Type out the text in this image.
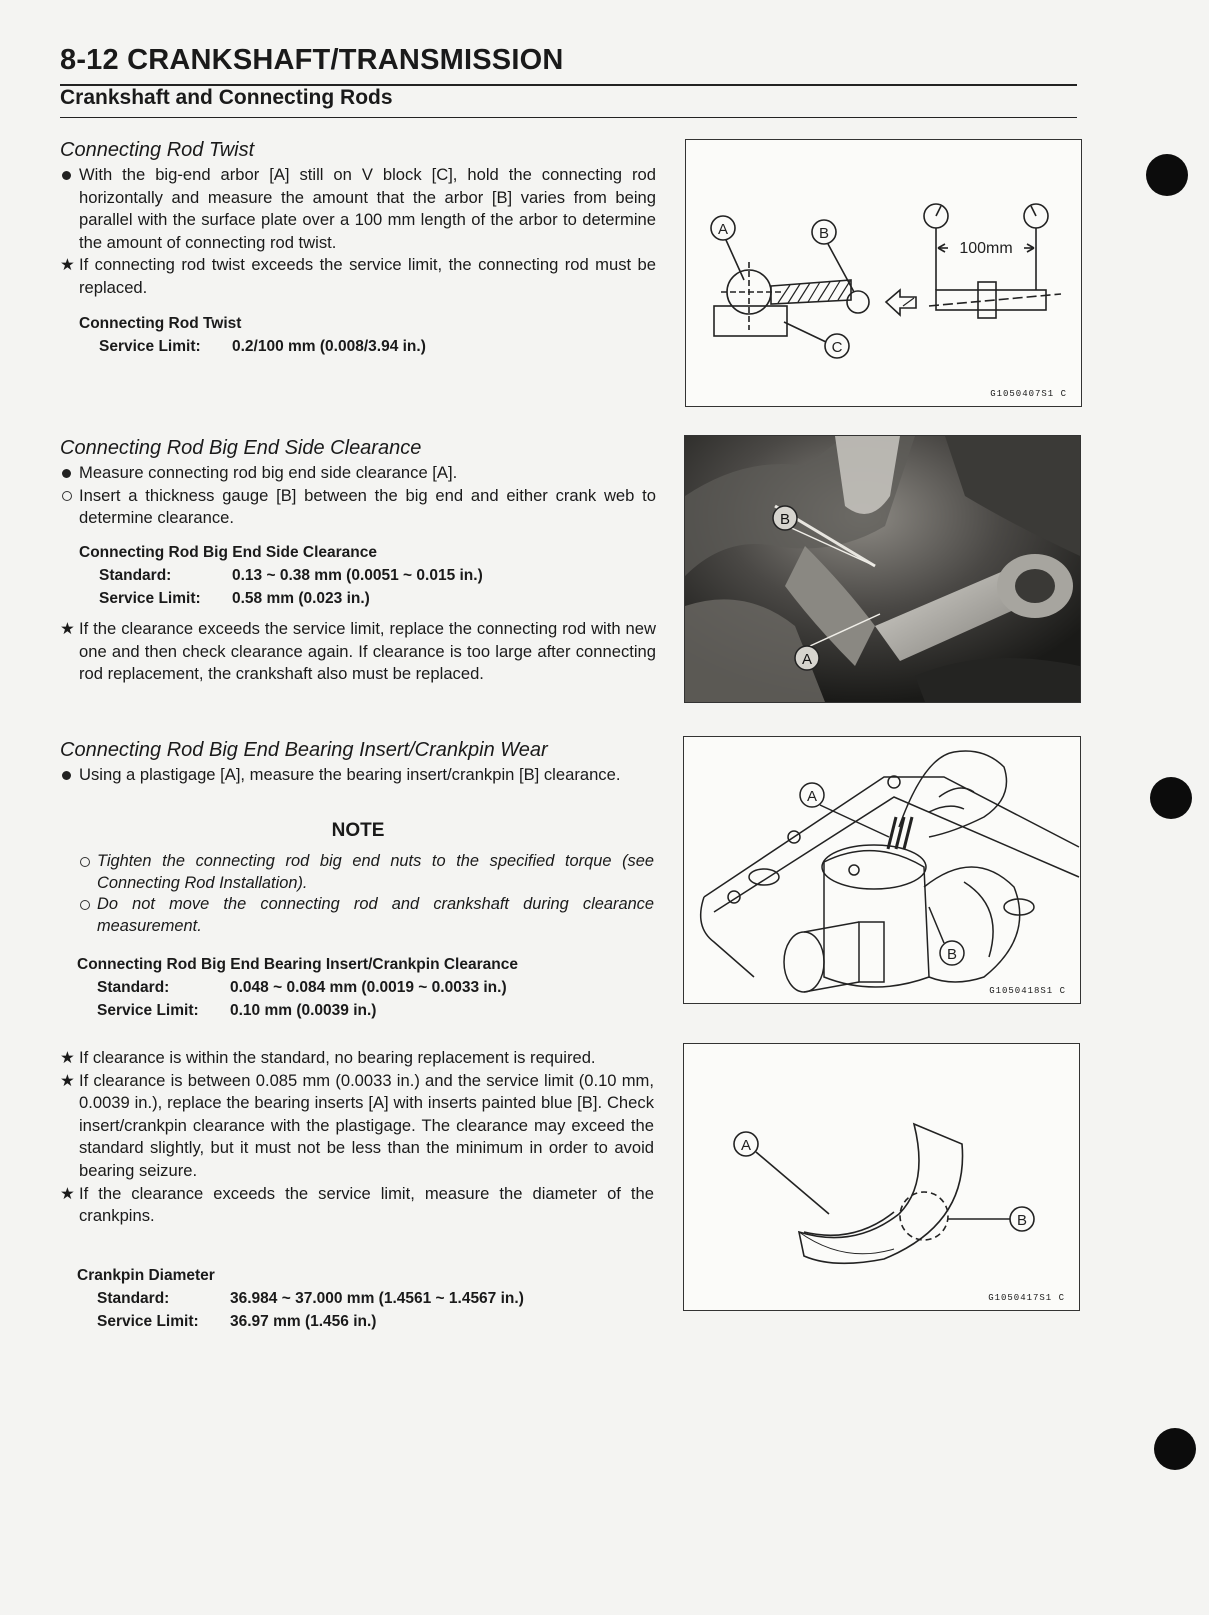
8-12 CRANKSHAFT/TRANSMISSION
Crankshaft and Connecting Rods
Connecting Rod Twist
With the big-end arbor [A] still on V block [C], hold the connecting rod horizontally and measure the amount that the arbor [B] varies from being parallel with the surface plate over a 100 mm length of the arbor to determine the amount of connecting rod twist.
★ If connecting rod twist exceeds the service limit, the connecting rod must be replaced.
Connecting Rod Twist
Service Limit: 0.2/100 mm (0.008/3.94 in.)
Connecting Rod Big End Side Clearance
Measure connecting rod big end side clearance [A].
Insert a thickness gauge [B] between the big end and either crank web to determine clearance.
Connecting Rod Big End Side Clearance
Standard:	0.13 ~ 0.38 mm (0.0051 ~ 0.015 in.)
Service Limit: 0.58 mm (0.023 in.)
★ If the clearance exceeds the service limit, replace the connecting rod with new one and then check clearance again. If clearance is too large after connecting rod replacement, the crankshaft also must be replaced.
Connecting Rod Big End Bearing Insert/Crankpin Wear
Using a plastigage [A], measure the bearing insert/crankpin [B] clearance.
NOTE
Tighten the connecting rod big end nuts to the specified torque (see Connecting Rod Installation).
Do not move the connecting rod and crankshaft during clearance measurement.
Connecting Rod Big End Bearing Insert/Crankpin Clearance
Standard:	0.048 ~ 0.084 mm (0.0019 ~ 0.0033 in.)
Service Limit: 0.10 mm (0.0039 in.)
★ If clearance is within the standard, no bearing replacement is required.
★ If clearance is between 0.085 mm (0.0033 in.) and the service limit (0.10 mm, 0.0039 in.), replace the bearing inserts [A] with inserts painted blue [B]. Check insert/crankpin clearance with the plastigage. The clearance may exceed the standard slightly, but it must not be less than the minimum in order to avoid bearing seizure.
★ If the clearance exceeds the service limit, measure the diameter of the crankpins.
Crankpin Diameter
Standard:	36.984 ~ 37.000 mm (1.4561 ~ 1.4567 in.)
Service Limit: 36.97 mm (1.456 in.)
A	B
C
100mm
G1050407S1 C
B
A
A
B
G1050418S1 C
A
B
G1050417S1 C
